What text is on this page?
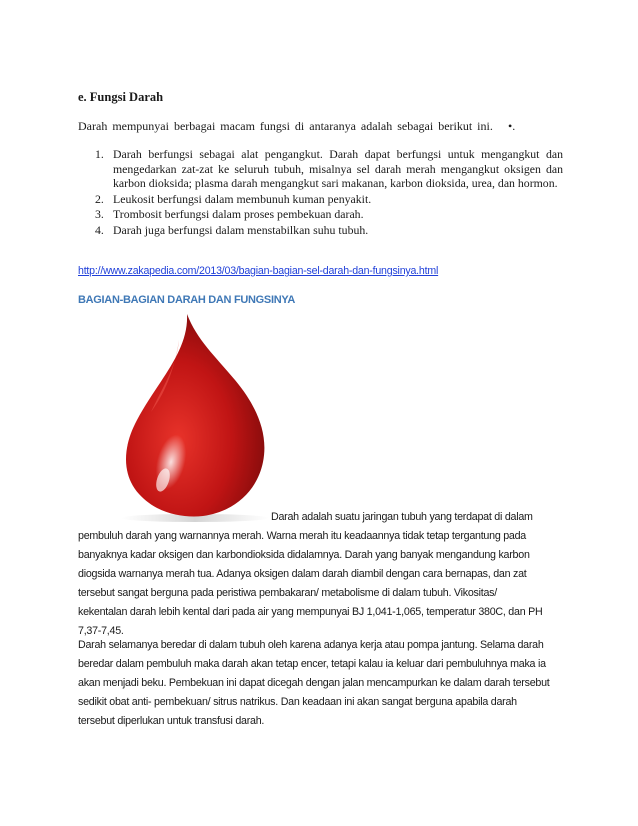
e. Fungsi Darah
Darah mempunyai berbagai macam fungsi di antaranya adalah sebagai berikut ini. •.
1. Darah berfungsi sebagai alat pengangkut. Darah dapat berfungsi untuk mengangkut dan mengedarkan zat-zat ke seluruh tubuh, misalnya sel darah merah mengangkut oksigen dan karbon dioksida; plasma darah mengangkut sari makanan, karbon dioksida, urea, dan hormon.
2. Leukosit berfungsi dalam membunuh kuman penyakit.
3. Trombosit berfungsi dalam proses pembekuan darah.
4. Darah juga berfungsi dalam menstabilkan suhu tubuh.
http://www.zakapedia.com/2013/03/bagian-bagian-sel-darah-dan-fungsinya.html
BAGIAN-BAGIAN DARAH DAN FUNGSINYA
Darah adalah suatu jaringan tubuh yang terdapat di dalam
pembuluh darah yang warnannya merah. Warna merah itu keadaannya tidak tetap tergantung pada
banyaknya kadar oksigen dan karbondioksida didalamnya. Darah yang banyak mengandung karbon
diogsida warnanya merah tua. Adanya oksigen dalam darah diambil dengan cara bernapas, dan zat
tersebut sangat berguna pada peristiwa pembakaran/ metabolisme di dalam tubuh. Vikositas/
kekentalan darah lebih kental dari pada air yang mempunyai BJ 1,041-1,065, temperatur 380C, dan PH
7,37-7,45.
Darah selamanya beredar di dalam tubuh oleh karena adanya kerja atau pompa jantung. Selama darah
beredar dalam pembuluh maka darah akan tetap encer, tetapi kalau ia keluar dari pembuluhnya maka ia
akan menjadi beku. Pembekuan ini dapat dicegah dengan jalan mencampurkan ke dalam darah tersebut
sedikit obat anti- pembekuan/ sitrus natrikus. Dan keadaan ini akan sangat berguna apabila darah
tersebut diperlukan untuk transfusi darah.
